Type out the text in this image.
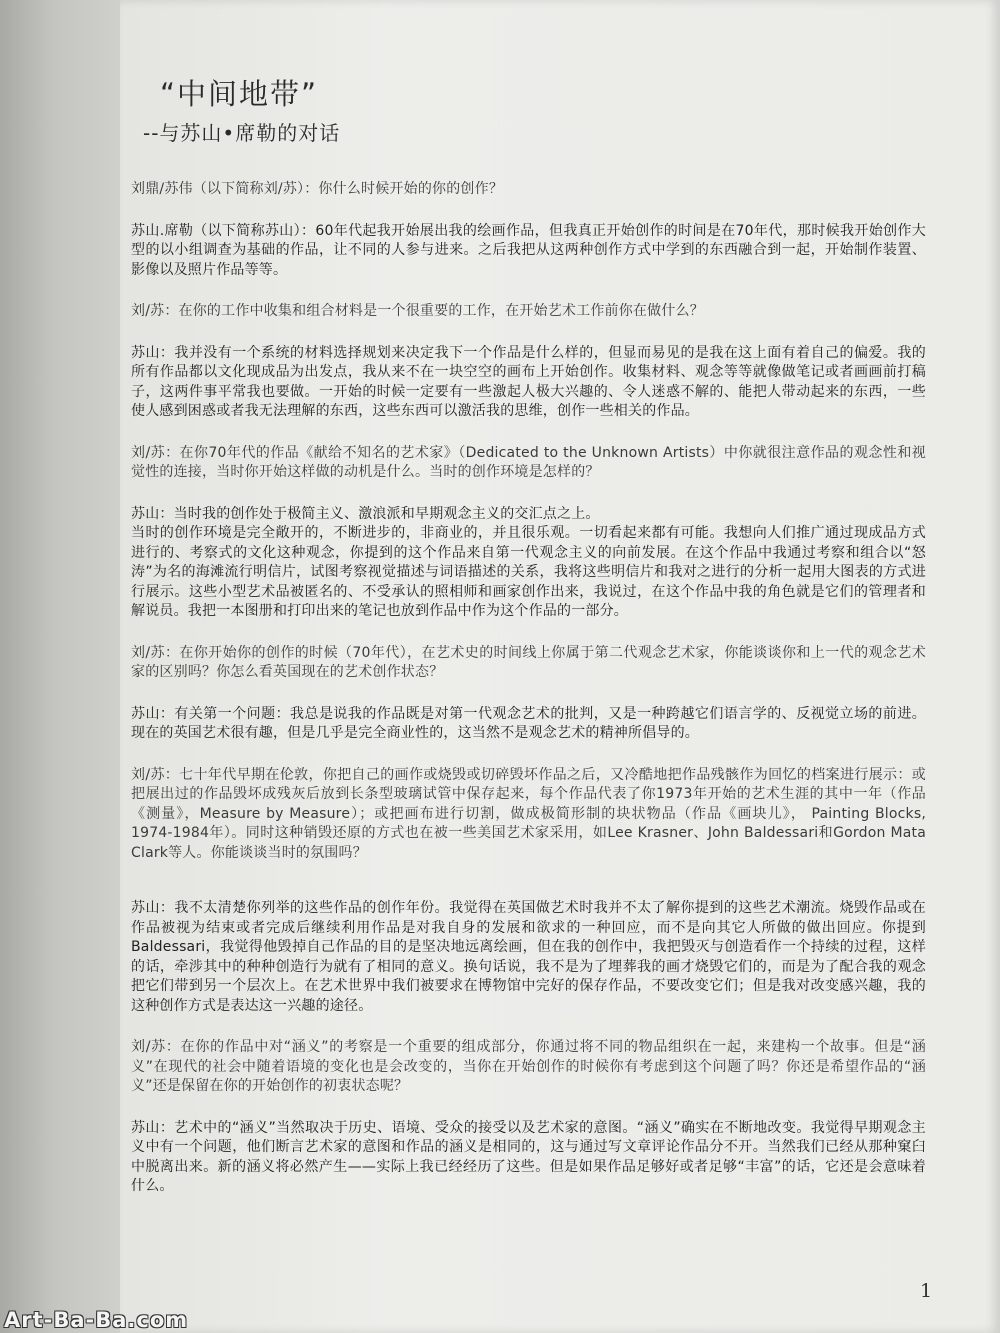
“中间地带”
--与苏山•席勒的对话

刘鼎/苏伟（以下简称刘/苏）：你什么时候开始的你的创作？

苏山.席勒（以下简称苏山）：60年代起我开始展出我的绘画作品，但我真正开始创作的时间是在70年代，那时候我开始创作大型的以小组调查为基础的作品，让不同的人参与进来。之后我把从这两种创作方式中学到的东西融合到一起，开始制作装置、影像以及照片作品等等。

刘/苏：在你的工作中收集和组合材料是一个很重要的工作，在开始艺术工作前你在做什么？

苏山：我并没有一个系统的材料选择规划来决定我下一个作品是什么样的，但显而易见的是我在这上面有着自己的偏爱。我的所有作品都以文化现成品为出发点，我从来不在一块空空的画布上开始创作。收集材料、观念等等就像做笔记或者画画前打稿子，这两件事平常我也要做。一开始的时候一定要有一些激起人极大兴趣的、令人迷惑不解的、能把人带动起来的东西，一些使人感到困惑或者我无法理解的东西，这些东西可以激活我的思维，创作一些相关的作品。

刘/苏：在你70年代的作品《献给不知名的艺术家》（Dedicated to the Unknown Artists）中你就很注意作品的观念性和视觉性的连接，当时你开始这样做的动机是什么。当时的创作环境是怎样的？

苏山：当时我的创作处于极简主义、激浪派和早期观念主义的交汇点之上。

当时的创作环境是完全敞开的，不断进步的，非商业的，并且很乐观。一切看起来都有可能。我想向人们推广通过现成品方式进行的、考察式的文化这种观念，你提到的这个作品来自第一代观念主义的向前发展。在这个作品中我通过考察和组合以“怒涛”为名的海滩流行明信片，试图考察视觉描述与词语描述的关系，我将这些明信片和我对之进行的分析一起用大图表的方式进行展示。这些小型艺术品被匿名的、不受承认的照相师和画家创作出来，我说过，在这个作品中我的角色就是它们的管理者和解说员。我把一本图册和打印出来的笔记也放到作品中作为这个作品的一部分。

刘/苏：在你开始你的创作的时候（70年代），在艺术史的时间线上你属于第二代观念艺术家，你能谈谈你和上一代的观念艺术家的区别吗？你怎么看英国现在的艺术创作状态？

苏山：有关第一个问题：我总是说我的作品既是对第一代观念艺术的批判，又是一种跨越它们语言学的、反视觉立场的前进。现在的英国艺术很有趣，但是几乎是完全商业性的，这当然不是观念艺术的精神所倡导的。

刘/苏：七十年代早期在伦敦，你把自己的画作或烧毁或切碎毁坏作品之后，又冷酷地把作品残骸作为回忆的档案进行展示：或把展出过的作品毁坏成残灰后放到长条型玻璃试管中保存起来，每个作品代表了你1973年开始的艺术生涯的其中一年（作品《测量》，Measure by Measure）；或把画布进行切割，做成极简形制的块状物品（作品《画块儿》， Painting Blocks, 1974-1984年）。同时这种销毁还原的方式也在被一些美国艺术家采用，如Lee Krasner、John Baldessari和Gordon Mata Clark等人。你能谈谈当时的氛围吗？

苏山：我不太清楚你列举的这些作品的创作年份。我觉得在英国做艺术时我并不太了解你提到的这些艺术潮流。烧毁作品或在作品被视为结束或者完成后继续利用作品是对我自身的发展和欲求的一种回应，而不是向其它人所做的做出回应。你提到Baldessari，我觉得他毁掉自己作品的目的是坚决地远离绘画，但在我的创作中，我把毁灭与创造看作一个持续的过程，这样的话，牵涉其中的种种创造行为就有了相同的意义。换句话说，我不是为了埋葬我的画才烧毁它们的，而是为了配合我的观念把它们带到另一个层次上。在艺术世界中我们被要求在博物馆中完好的保存作品，不要改变它们；但是我对改变感兴趣，我的这种创作方式是表达这一兴趣的途径。

刘/苏：在你的作品中对“涵义”的考察是一个重要的组成部分，你通过将不同的物品组织在一起，来建构一个故事。但是“涵义”在现代的社会中随着语境的变化也是会改变的，当你在开始创作的时候你有考虑到这个问题了吗？你还是希望作品的“涵义”还是保留在你的开始创作的初衷状态呢？

苏山：艺术中的“涵义”当然取决于历史、语境、受众的接受以及艺术家的意图。“涵义”确实在不断地改变。我觉得早期观念主义中有一个问题，他们断言艺术家的意图和作品的涵义是相同的，这与通过写文章评论作品分不开。当然我们已经从那种窠臼中脱离出来。新的涵义将必然产生——实际上我已经经历了这些。但是如果作品足够好或者足够“丰富”的话，它还是会意味着什么。

1
Art-Ba-Ba.com
